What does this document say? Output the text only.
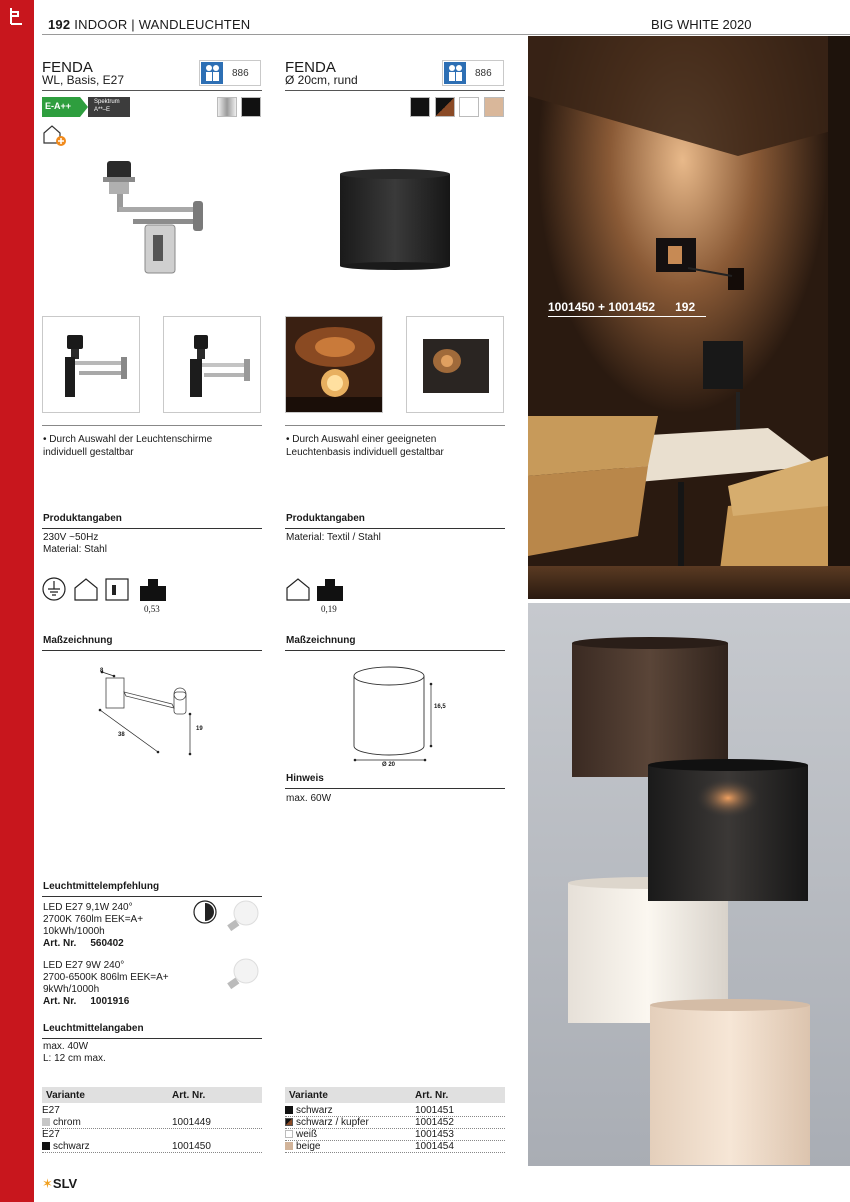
192 INDOOR | WANDLEUCHTEN	BIG WHITE 2020
FENDA
WL, Basis, E27	886
E-A++	Spektrum
A**–E
• Durch Auswahl der Leuchtenschirme individuell gestaltbar
Produktangaben
230V ~50Hz
Material: Stahl
0,53
Maßzeichnung
8
38
19
Leuchtmittelempfehlung
LED E27 9,1W 240°
2700K 760lm EEK=A+
10kWh/1000h
Art. Nr. 560402
LED E27 9W 240°
2700-6500K 806lm EEK=A+
9kWh/1000h
Art. Nr. 1001916
Leuchtmittelangaben
max. 40W
L: 12 cm max.
Variante	Art. Nr.
E27
chrom	1001449
E27
schwarz	1001450
FENDA
Ø 20cm, rund	886
• Durch Auswahl einer geeigneten Leuchtenbasis individuell gestaltbar
Produktangaben
Material: Textil / Stahl
0,19
Maßzeichnung
16,5
Ø 20
Hinweis
max. 60W
Variante	Art. Nr.
schwarz	1001451
schwarz / kupfer	1001452
weiß	1001453
beige	1001454
1001450 + 1001452 192
✶SLV
